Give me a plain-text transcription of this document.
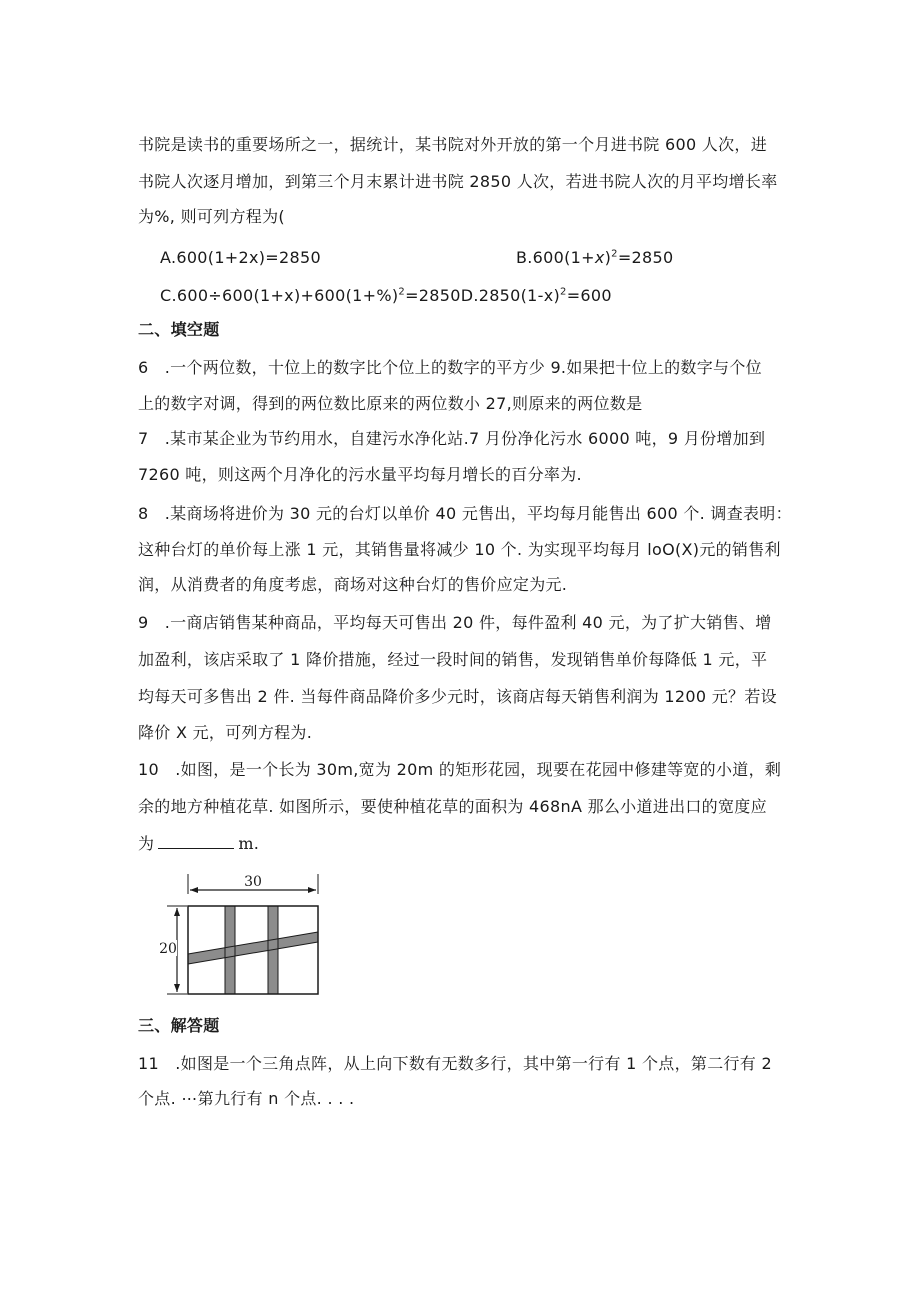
书院是读书的重要场所之一，据统计，某书院对外开放的第一个月进书院 600 人次，进
书院人次逐月增加，到第三个月末累计进书院 2850 人次，若进书院人次的月平均增长率
为%, 则可列方程为(
A.600(1+2x)=2850	$B.600(1+x)^2=2850$
$C.600\div 600(1+x)+600(1+\%)^2=2850D.2850(1-x)^2=600$
二、填空题
6　.一个两位数，十位上的数字比个位上的数字的平方少 9.如果把十位上的数字与个位
上的数字对调，得到的两位数比原来的两位数小 27,则原来的两位数是
7　.某市某企业为节约用水，自建污水净化站.7 月份净化污水 6000 吨，9 月份增加到
7260 吨，则这两个月净化的污水量平均每月增长的百分率为.
8　.某商场将进价为 30 元的台灯以单价 40 元售出，平均每月能售出 600 个. 调查表明：
这种台灯的单价每上涨 1 元，其销售量将减少 10 个. 为实现平均每月 loO(X)元的销售利
润，从消费者的角度考虑，商场对这种台灯的售价应定为元.
9　.一商店销售某种商品，平均每天可售出 20 件，每件盈利 40 元，为了扩大销售、增
加盈利，该店采取了 1 降价措施，经过一段时间的销售，发现销售单价每降低 1 元，平
均每天可多售出 2 件. 当每件商品降价多少元时，该商店每天销售利润为 1200 元？若设
降价 X 元，可列方程为.
10　.如图，是一个长为 30m,宽为 20m 的矩形花园，现要在花园中修建等宽的小道，剩
余的地方种植花草. 如图所示，要使种植花草的面积为 468nA 那么小道进出口的宽度应
为	m.
30
20
三、解答题
11　.如图是一个三角点阵，从上向下数有无数多行，其中第一行有 1 个点，第二行有 2
个点. ⋯第九行有 n 个点. . . .
